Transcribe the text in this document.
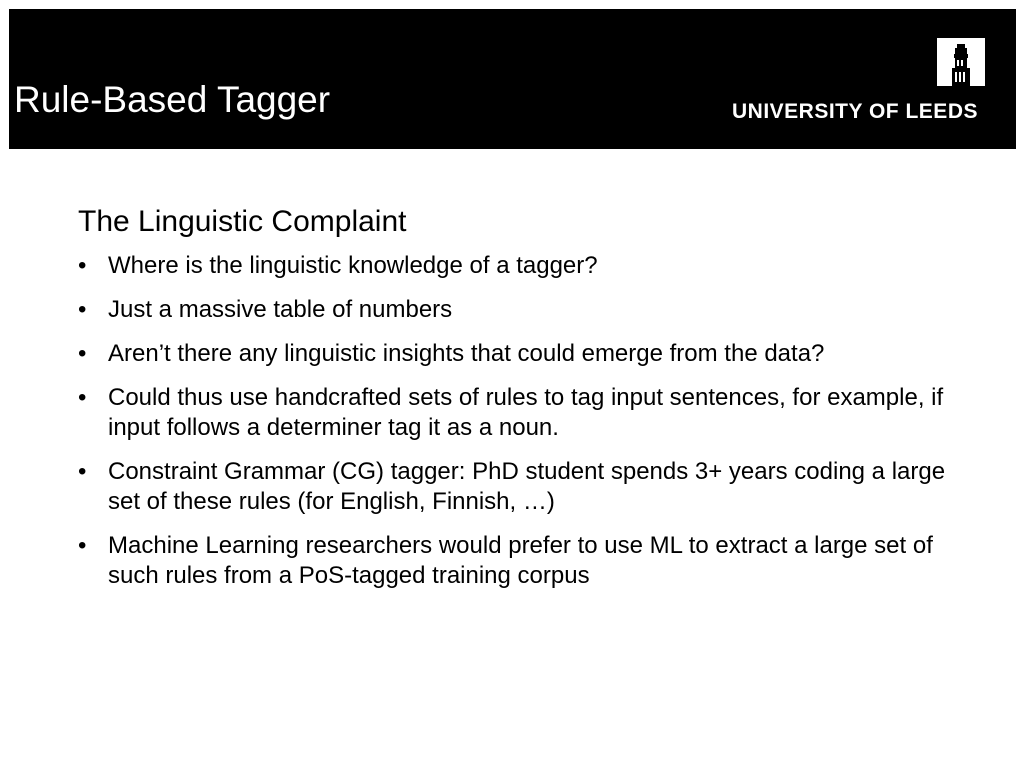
Rule-Based Tagger	UNIVERSITY OF LEEDS
The Linguistic Complaint
• Where is the linguistic knowledge of a tagger?
• Just a massive table of numbers
• Aren’t there any linguistic insights that could emerge from the data?
• Could thus use handcrafted sets of rules to tag input sentences, for example, if input follows a determiner tag it as a noun.
• Constraint Grammar (CG) tagger: PhD student spends 3+ years coding a large set of these rules (for English, Finnish, …)
• Machine Learning researchers would prefer to use ML to extract a large set of such rules from a PoS-tagged training corpus
